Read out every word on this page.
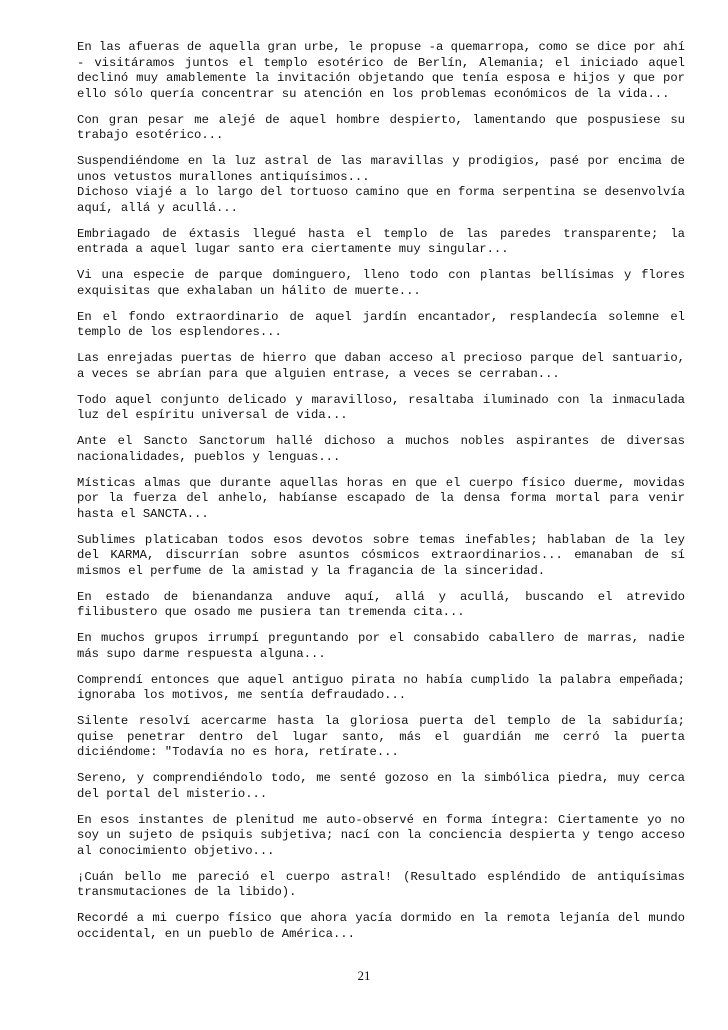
En las afueras de aquella gran urbe, le propuse -a quemarropa, como se dice por ahí - visitáramos juntos el templo esotérico de Berlín, Alemania; el iniciado aquel declinó muy amablemente la invitación objetando que tenía esposa e hijos y que por ello sólo quería concentrar su atención en los problemas económicos de la vida...

Con gran pesar me alejé de aquel hombre despierto, lamentando que pospusiese su trabajo esotérico...

Suspendiéndome en la luz astral de las maravillas y prodigios, pasé por encima de unos vetustos murallones antiquísimos...

Dichoso viajé a lo largo del tortuoso camino que en forma serpentina se desenvolvía aquí, allá y acullá...

Embriagado de éxtasis llegué hasta el templo de las paredes transparente; la entrada a aquel lugar santo era ciertamente muy singular...

Vi una especie de parque dominguero, lleno todo con plantas bellísimas y flores exquisitas que exhalaban un hálito de muerte...

En el fondo extraordinario de aquel jardín encantador, resplandecía solemne el templo de los esplendores...

Las enrejadas puertas de hierro que daban acceso al precioso parque del santuario, a veces se abrían para que alguien entrase, a veces se cerraban...

Todo aquel conjunto delicado y maravilloso, resaltaba iluminado con la inmaculada luz del espíritu universal de vida...

Ante el Sancto Sanctorum hallé dichoso a muchos nobles aspirantes de diversas nacionalidades, pueblos y lenguas...

Místicas almas que durante aquellas horas en que el cuerpo físico duerme, movidas por la fuerza del anhelo, habíanse escapado de la densa forma mortal para venir hasta el SANCTA...

Sublimes platicaban todos esos devotos sobre temas inefables; hablaban de la ley del KARMA, discurrían sobre asuntos cósmicos extraordinarios... emanaban de sí mismos el perfume de la amistad y la fragancia de la sinceridad.

En estado de bienandanza anduve aquí, allá y acullá, buscando el atrevido filibustero que osado me pusiera tan tremenda cita...

En muchos grupos irrumpí preguntando por el consabido caballero de marras, nadie más supo darme respuesta alguna...

Comprendí entonces que aquel antiguo pirata no había cumplido la palabra empeñada; ignoraba los motivos, me sentía defraudado...

Silente resolví acercarme hasta la gloriosa puerta del templo de la sabiduría; quise penetrar dentro del lugar santo, más el guardián me cerró la puerta diciéndome: "Todavía no es hora, retírate...

Sereno, y comprendiéndolo todo, me senté gozoso en la simbólica piedra, muy cerca del portal del misterio...

En esos instantes de plenitud me auto-observé en forma íntegra: Ciertamente yo no soy un sujeto de psiquis subjetiva; nací con la conciencia despierta y tengo acceso al conocimiento objetivo...

¡Cuán bello me pareció el cuerpo astral! (Resultado espléndido de antiquísimas transmutaciones de la libido).

Recordé a mi cuerpo físico que ahora yacía dormido en la remota lejanía del mundo occidental, en un pueblo de América...

21
